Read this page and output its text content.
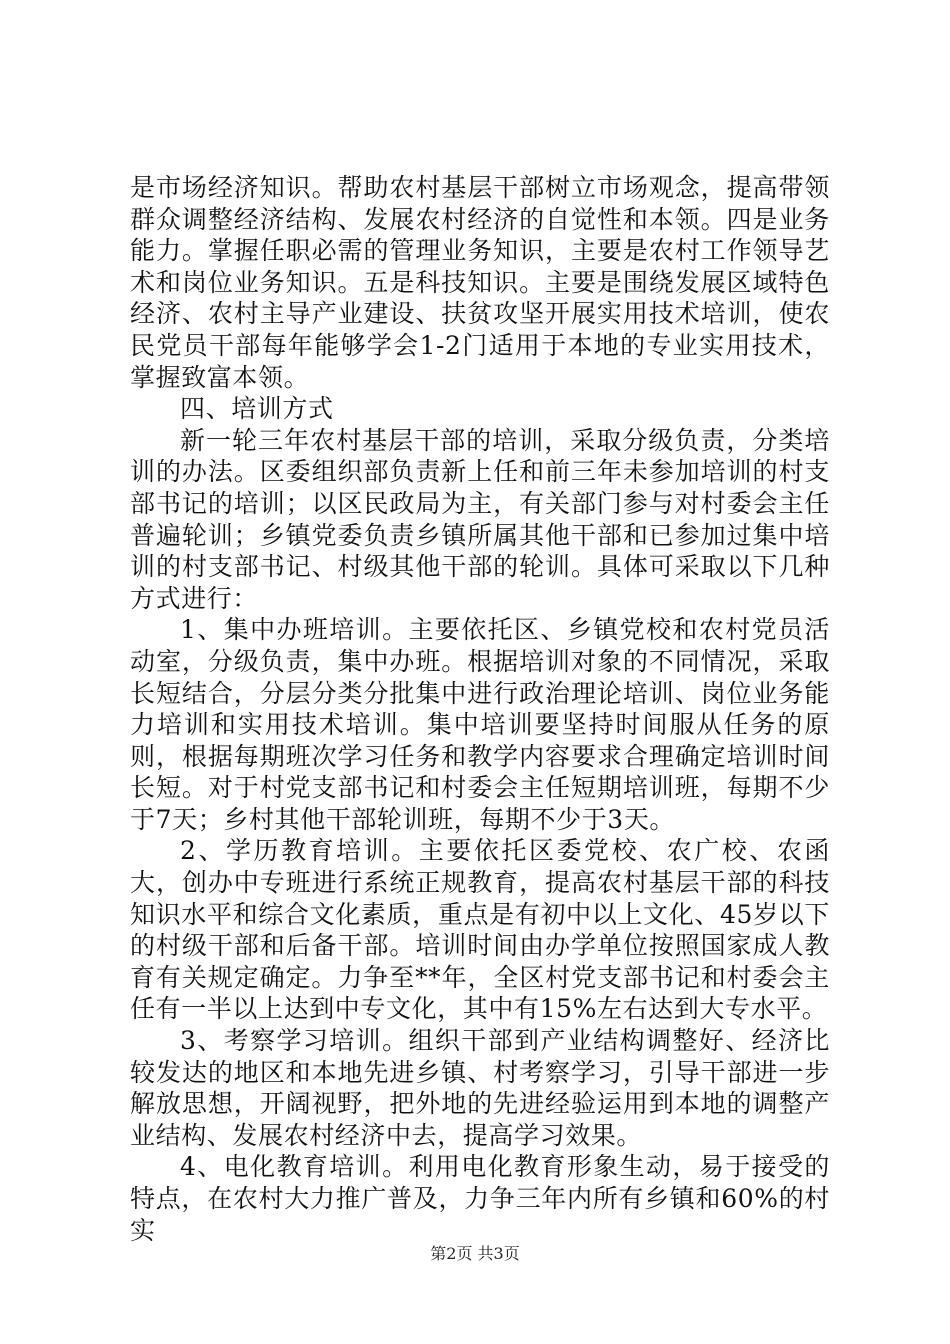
是市场经济知识。帮助农村基层干部树立市场观念，提高带领群众调整经济结构、发展农村经济的自觉性和本领。四是业务能力。掌握任职必需的管理业务知识，主要是农村工作领导艺术和岗位业务知识。五是科技知识。主要是围绕发展区域特色经济、农村主导产业建设、扶贫攻坚开展实用技术培训，使农民党员干部每年能够学会1-2门适用于本地的专业实用技术，掌握致富本领。

四、培训方式

新一轮三年农村基层干部的培训，采取分级负责，分类培训的办法。区委组织部负责新上任和前三年未参加培训的村支部书记的培训；以区民政局为主，有关部门参与对村委会主任普遍轮训；乡镇党委负责乡镇所属其他干部和已参加过集中培训的村支部书记、村级其他干部的轮训。具体可采取以下几种方式进行：

1、集中办班培训。主要依托区、乡镇党校和农村党员活动室，分级负责，集中办班。根据培训对象的不同情况，采取长短结合，分层分类分批集中进行政治理论培训、岗位业务能力培训和实用技术培训。集中培训要坚持时间服从任务的原则，根据每期班次学习任务和教学内容要求合理确定培训时间长短。对于村党支部书记和村委会主任短期培训班，每期不少于7天；乡村其他干部轮训班，每期不少于3天。

2、学历教育培训。主要依托区委党校、农广校、农函大，创办中专班进行系统正规教育，提高农村基层干部的科技知识水平和综合文化素质，重点是有初中以上文化、45岁以下的村级干部和后备干部。培训时间由办学单位按照国家成人教育有关规定确定。力争至**年，全区村党支部书记和村委会主任有一半以上达到中专文化，其中有15%左右达到大专水平。

3、考察学习培训。组织干部到产业结构调整好、经济比较发达的地区和本地先进乡镇、村考察学习，引导干部进一步解放思想，开阔视野，把外地的先进经验运用到本地的调整产业结构、发展农村经济中去，提高学习效果。

4、电化教育培训。利用电化教育形象生动，易于接受的特点，在农村大力推广普及，力争三年内所有乡镇和60%的村实

第2页 共3页
